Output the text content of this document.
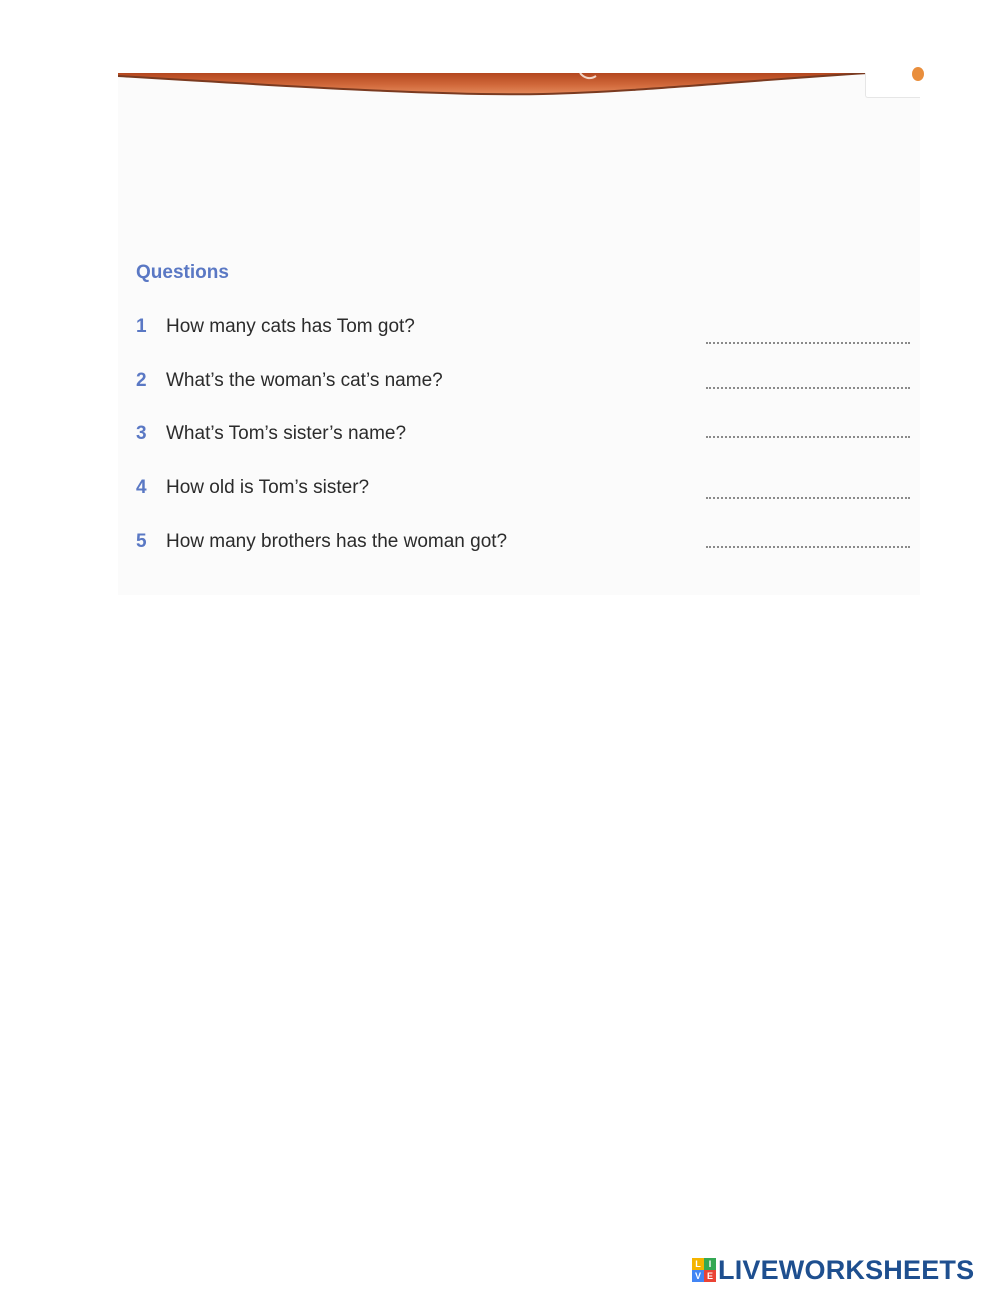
Questions
1 How many cats has Tom got?
2 What’s the woman’s cat’s name?
3 What’s Tom’s sister’s name?
4 How old is Tom’s sister?
5 How many brothers has the woman got?
L I
V E LIVEWORKSHEETS
